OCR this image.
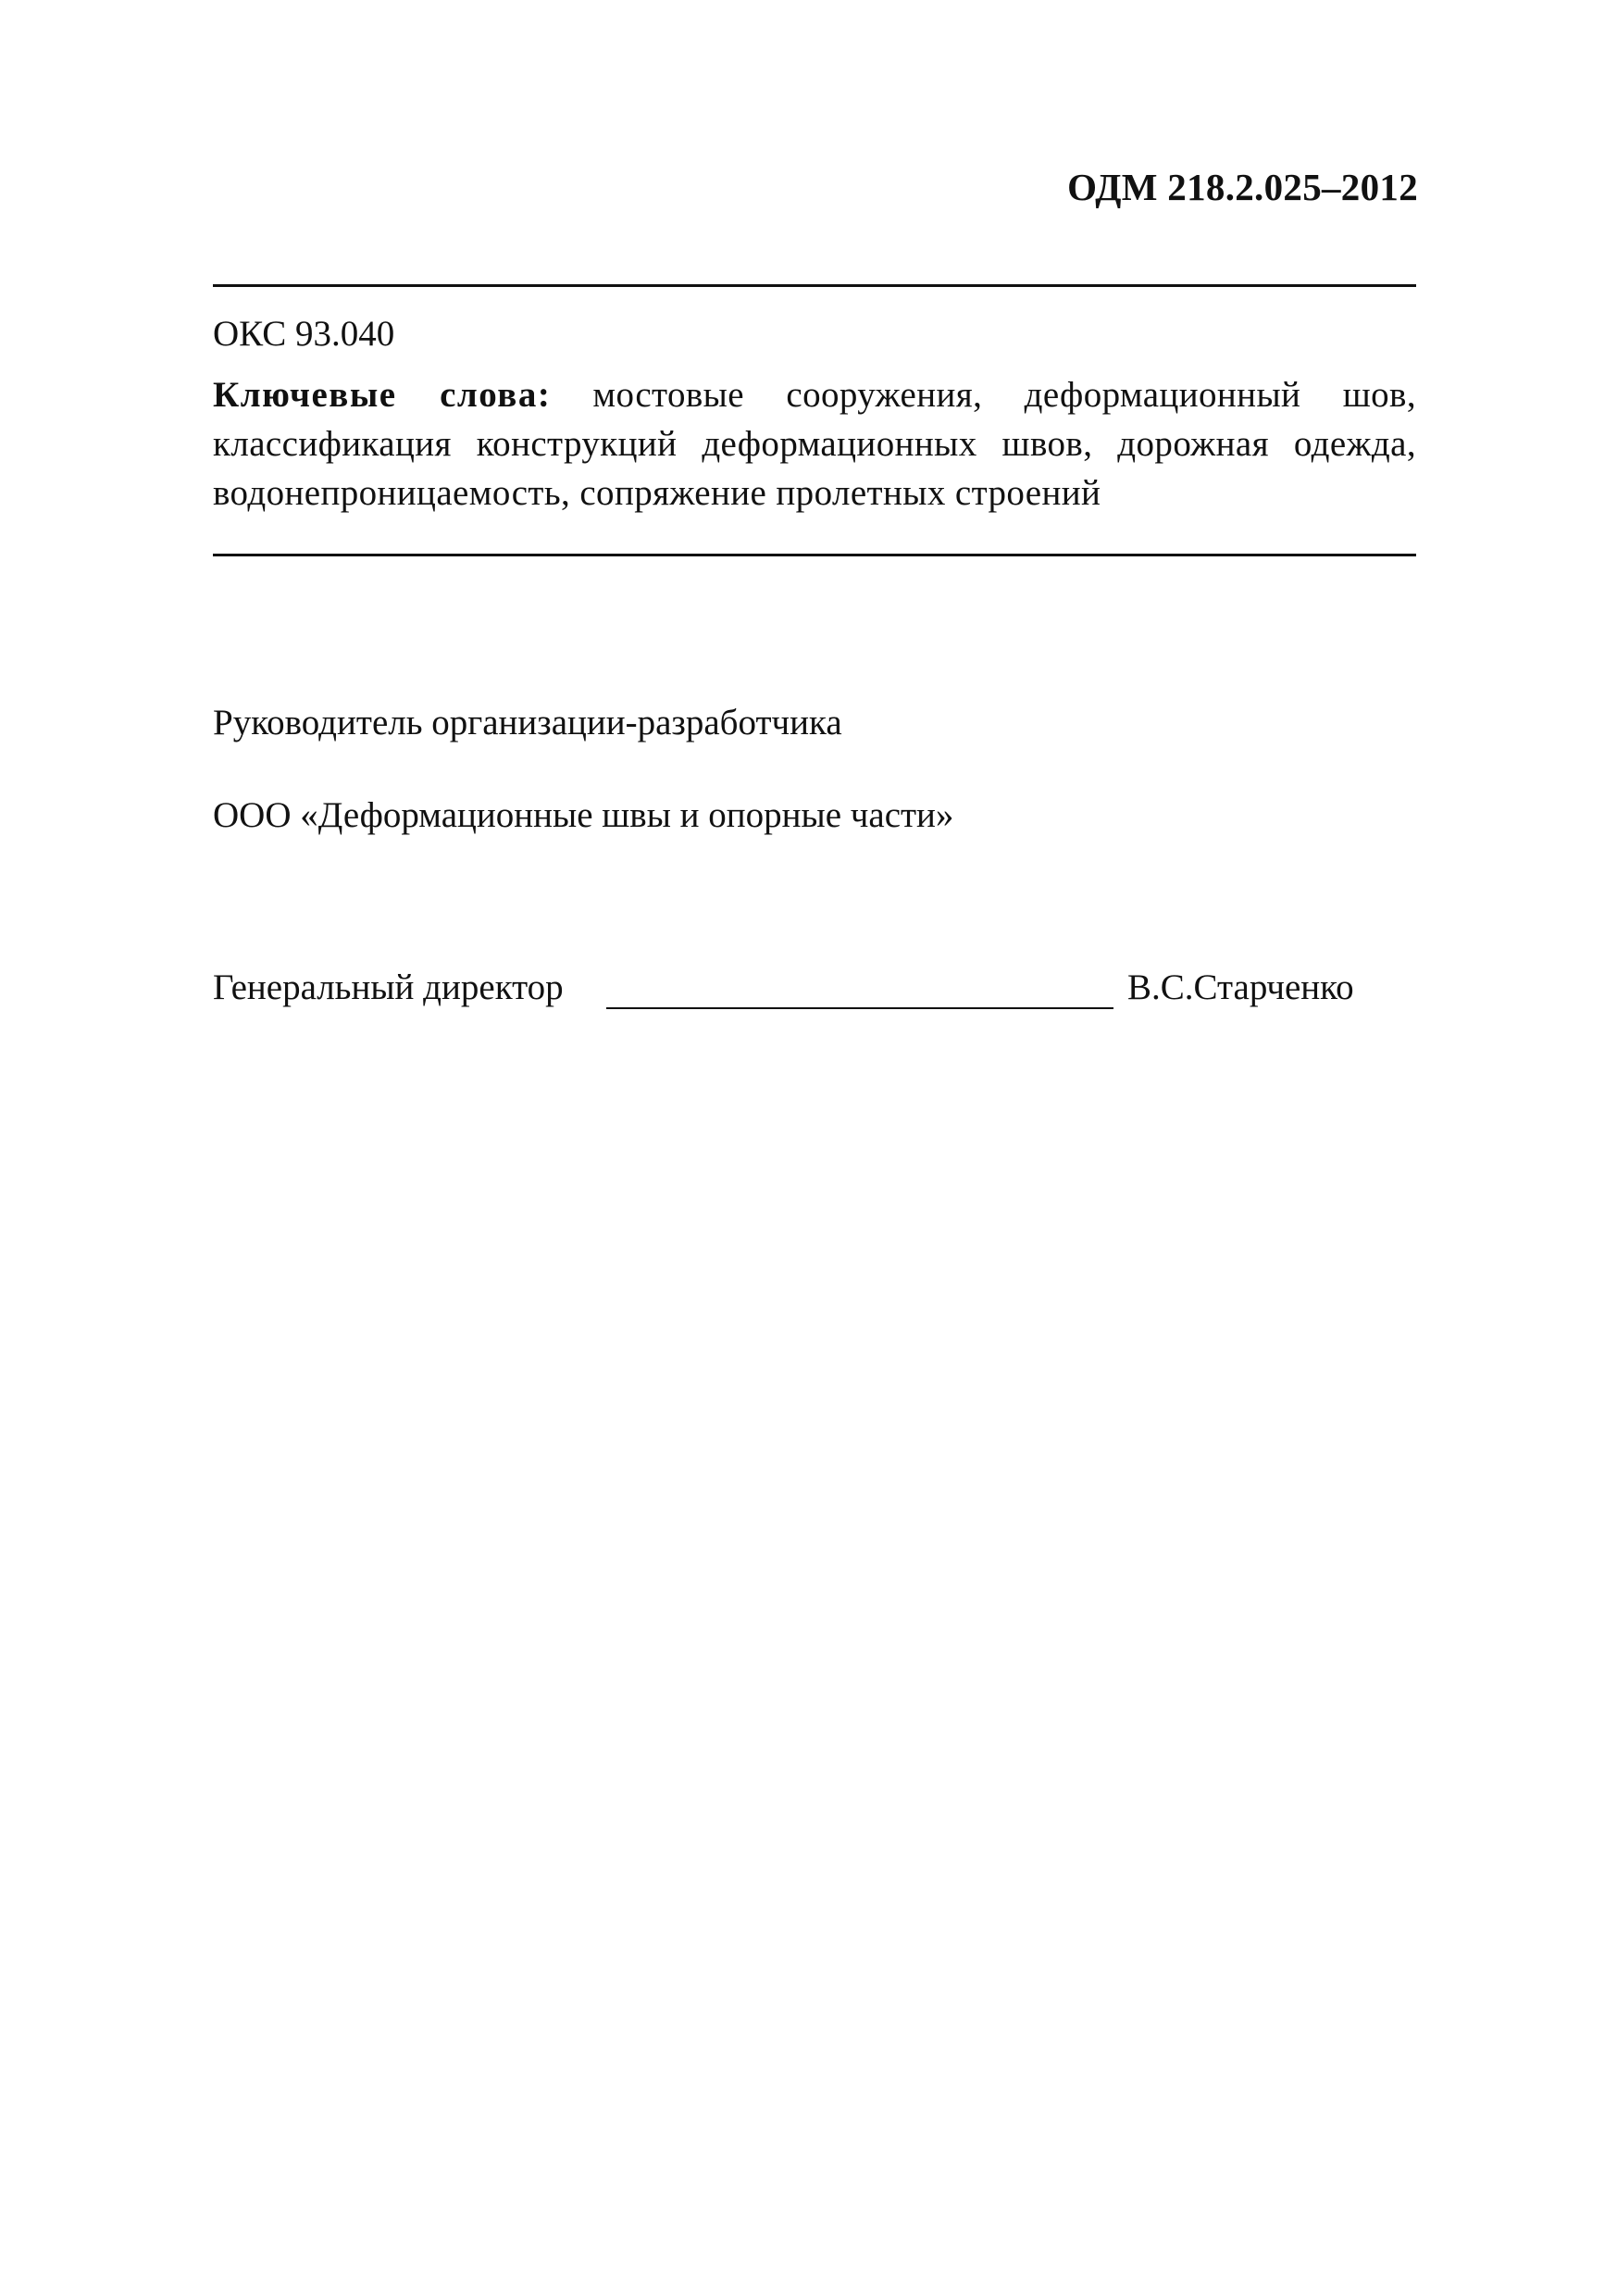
ОДМ 218.2.025–2012
ОКС 93.040
Ключевые слова: мостовые сооружения, деформационный шов, классификация конструкций деформационных швов, дорожная одежда, водонепроницаемость, сопряжение пролетных строений
Руководитель организации-разработчика
ООО «Деформационные швы и опорные части»
Генеральный директор	В.С.Старченко
